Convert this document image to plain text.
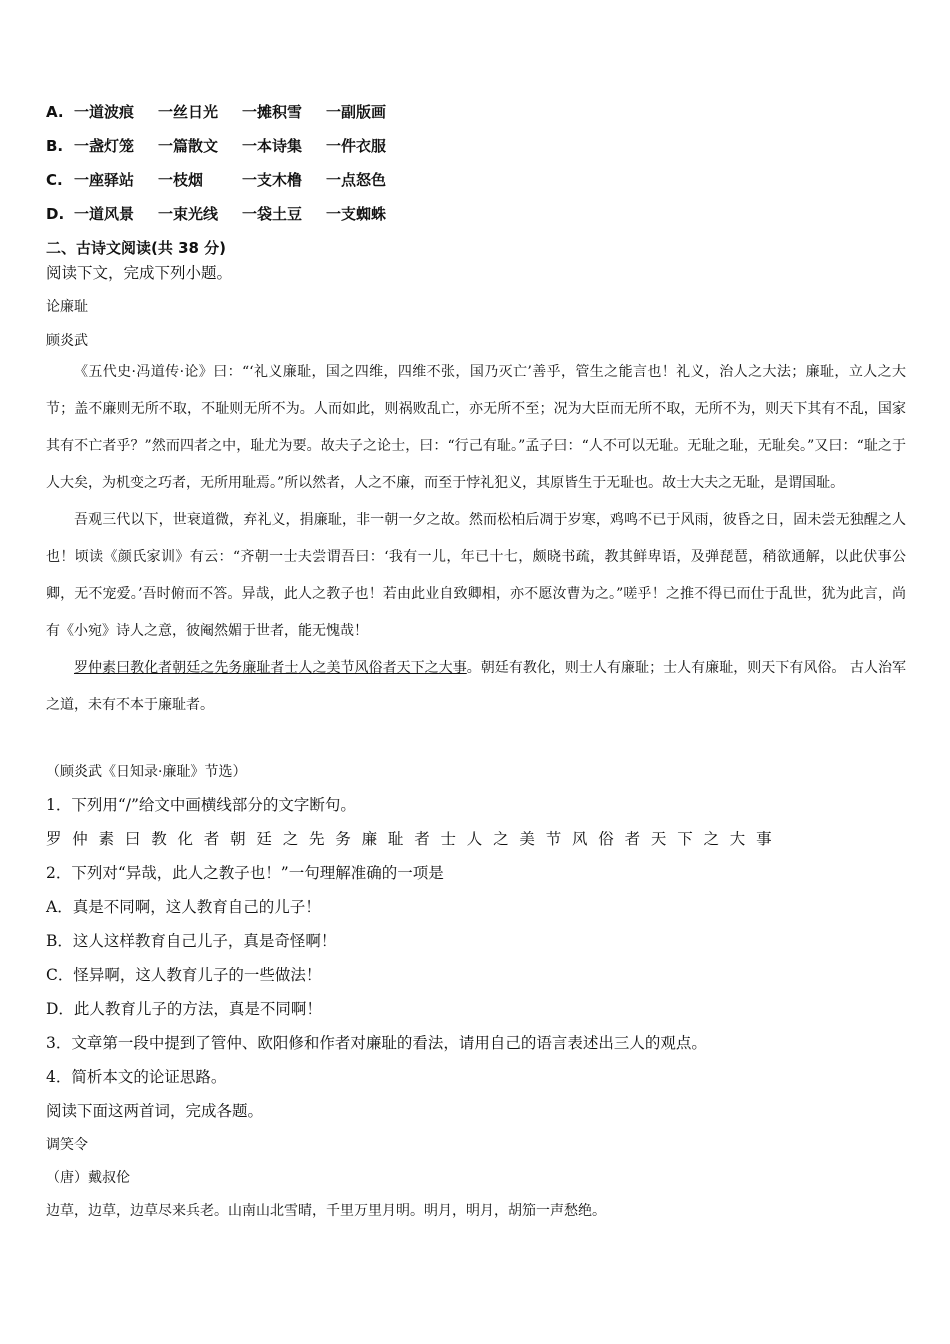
A. 一道波痕 一丝日光 一摊积雪 一副版画
B. 一盏灯笼 一篇散文 一本诗集 一件衣服
C. 一座驿站 一枝烟	一支木橹 一点怒色
D. 一道风景 一束光线 一袋土豆 一支蜘蛛
二、古诗文阅读(共 38 分)
阅读下文，完成下列小题。
论廉耻
顾炎武

《五代史·冯道传·论》曰：“‘礼义廉耻，国之四维，四维不张，国乃灭亡’善乎，管生之能言也！礼义，治人之大法；廉耻，立人之大节；盖不廉则无所不取，不耻则无所不为。人而如此，则祸败乱亡，亦无所不至；况为大臣而无所不取，无所不为，则天下其有不乱，国家其有不亡者乎？”然而四者之中，耻尤为要。故夫子之论士，曰：“行己有耻。”孟子曰：“人不可以无耻。无耻之耻，无耻矣。”又曰：“耻之于人大矣，为机变之巧者，无所用耻焉。”所以然者，人之不廉，而至于悖礼犯义，其原皆生于无耻也。故士大夫之无耻，是谓国耻。

吾观三代以下，世衰道微，弃礼义，捐廉耻，非一朝一夕之故。然而松柏后凋于岁寒，鸡鸣不已于风雨，彼昏之日，固未尝无独醒之人也！顷读《颜氏家训》有云：“齐朝一士夫尝谓吾曰：‘我有一儿，年已十七，颇晓书疏，教其鲜卑语，及弹琵琶，稍欲通解，以此伏事公卿，无不宠爱。’吾时俯而不答。异哉，此人之教子也！若由此业自致卿相，亦不愿汝曹为之。”嗟乎！之推不得已而仕于乱世，犹为此言，尚有《小宛》诗人之意，彼阉然媚于世者，能无愧哉！

罗仲素曰教化者朝廷之先务廉耻者士人之美节风俗者天下之大事。朝廷有教化，则士人有廉耻；士人有廉耻，则天下有风俗。 古人治军之道，未有不本于廉耻者。

（顾炎武《日知录·廉耻》节选）
1．下列用“/”给文中画横线部分的文字断句。
罗仲素曰教化者朝廷之先务廉耻者士人之美节风俗者天下之大事
2．下列对“异哉，此人之教子也！”一句理解准确的一项是
A．真是不同啊，这人教育自己的儿子！
B．这人这样教育自己儿子，真是奇怪啊！
C．怪异啊，这人教育儿子的一些做法！
D．此人教育儿子的方法，真是不同啊！
3．文章第一段中提到了管仲、欧阳修和作者对廉耻的看法，请用自己的语言表述出三人的观点。
4．简析本文的论证思路。
阅读下面这两首词，完成各题。
调笑令
（唐）戴叔伦
边草，边草，边草尽来兵老。山南山北雪晴，千里万里月明。明月，明月，胡笳一声愁绝。
